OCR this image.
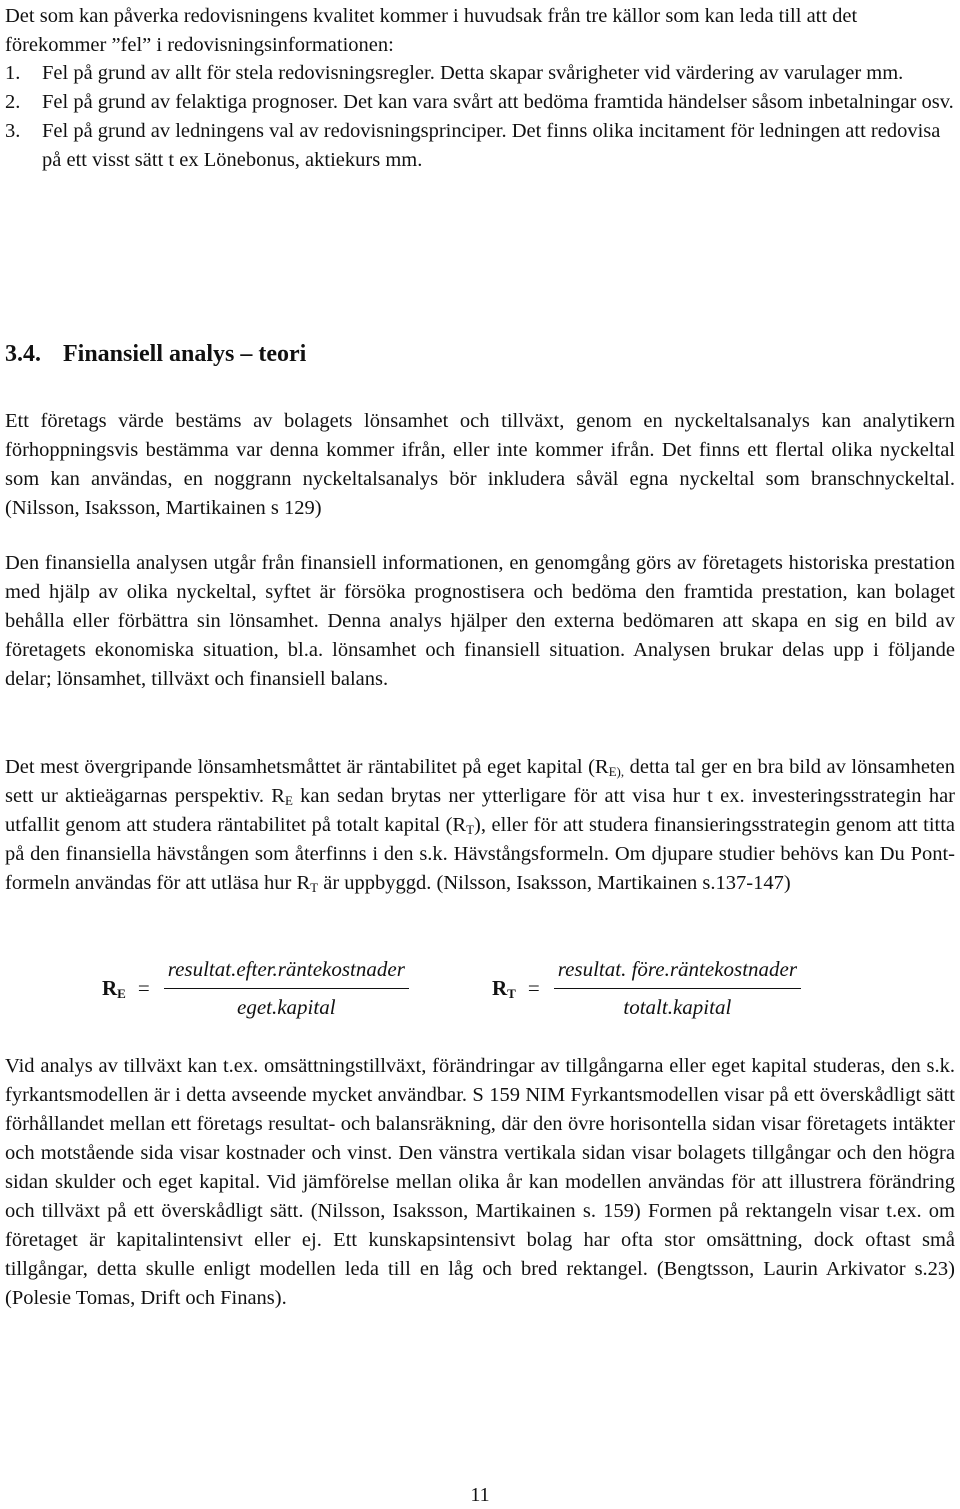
Det som kan påverka redovisningens kvalitet kommer i huvudsak från tre källor som kan leda till att det förekommer ”fel” i redovisningsinformationen:

1. Fel på grund av allt för stela redovisningsregler. Detta skapar svårigheter vid värdering av varulager mm.
2. Fel på grund av felaktiga prognoser. Det kan vara svårt att bedöma framtida händelser såsom inbetalningar osv.
3. Fel på grund av ledningens val av redovisningsprinciper. Det finns olika incitament för ledningen att redovisa på ett visst sätt t ex Lönebonus, aktiekurs mm.
3.4. Finansiell analys – teori

Ett företags värde bestäms av bolagets lönsamhet och tillväxt, genom en nyckeltalsanalys kan analytikern förhoppningsvis bestämma var denna kommer ifrån, eller inte kommer ifrån. Det finns ett flertal olika nyckeltal som kan användas, en noggrann nyckeltalsanalys bör inkludera såväl egna nyckeltal som branschnyckeltal. (Nilsson, Isaksson, Martikainen s 129)

Den finansiella analysen utgår från finansiell informationen, en genomgång görs av företagets historiska prestation med hjälp av olika nyckeltal, syftet är försöka prognostisera och bedöma den framtida prestation, kan bolaget behålla eller förbättra sin lönsamhet. Denna analys hjälper den externa bedömaren att skapa en sig en bild av företagets ekonomiska situation, bl.a. lönsamhet och finansiell situation. Analysen brukar delas upp i följande delar; lönsamhet, tillväxt och finansiell balans.

Det mest övergripande lönsamhetsmåttet är räntabilitet på eget kapital ($R_{E),}$ detta tal ger en bra bild av lönsamheten sett ur aktieägarnas perspektiv. $R_E$ kan sedan brytas ner ytterligare för att visa hur t ex. investeringsstrategin har utfallit genom att studera räntabilitet på totalt kapital $(R_T)$, eller för att studera finansieringsstrategin genom att titta på den finansiella hävstången som återfinns i den s.k. Hävstångsformeln. Om djupare studier behövs kan Du Pont-formeln användas för att utläsa hur $R_T$ är uppbyggd. (Nilsson, Isaksson, Martikainen s.137-147)

$R_E = \frac{\text{resultat.efter.räntekostnader}}{\text{eget.kapital}}$	$R_T = \frac{\text{resultat. före.räntekostnader}}{\text{totalt.kapital}}$

Vid analys av tillväxt kan t.ex. omsättningstillväxt, förändringar av tillgångarna eller eget kapital studeras, den s.k. fyrkantsmodellen är i detta avseende mycket användbar. S 159 NIM Fyrkantsmodellen visar på ett överskådligt sätt förhållandet mellan ett företags resultat- och balansräkning, där den övre horisontella sidan visar företagets intäkter och motstående sida visar kostnader och vinst. Den vänstra vertikala sidan visar bolagets tillgångar och den högra sidan skulder och eget kapital. Vid jämförelse mellan olika år kan modellen användas för att illustrera förändring och tillväxt på ett överskådligt sätt. (Nilsson, Isaksson, Martikainen s. 159) Formen på rektangeln visar t.ex. om företaget är kapitalintensivt eller ej. Ett kunskapsintensivt bolag har ofta stor omsättning, dock oftast små tillgångar, detta skulle enligt modellen leda till en låg och bred rektangel. (Bengtsson, Laurin Arkivator s.23)(Polesie Tomas, Drift och Finans).

11
